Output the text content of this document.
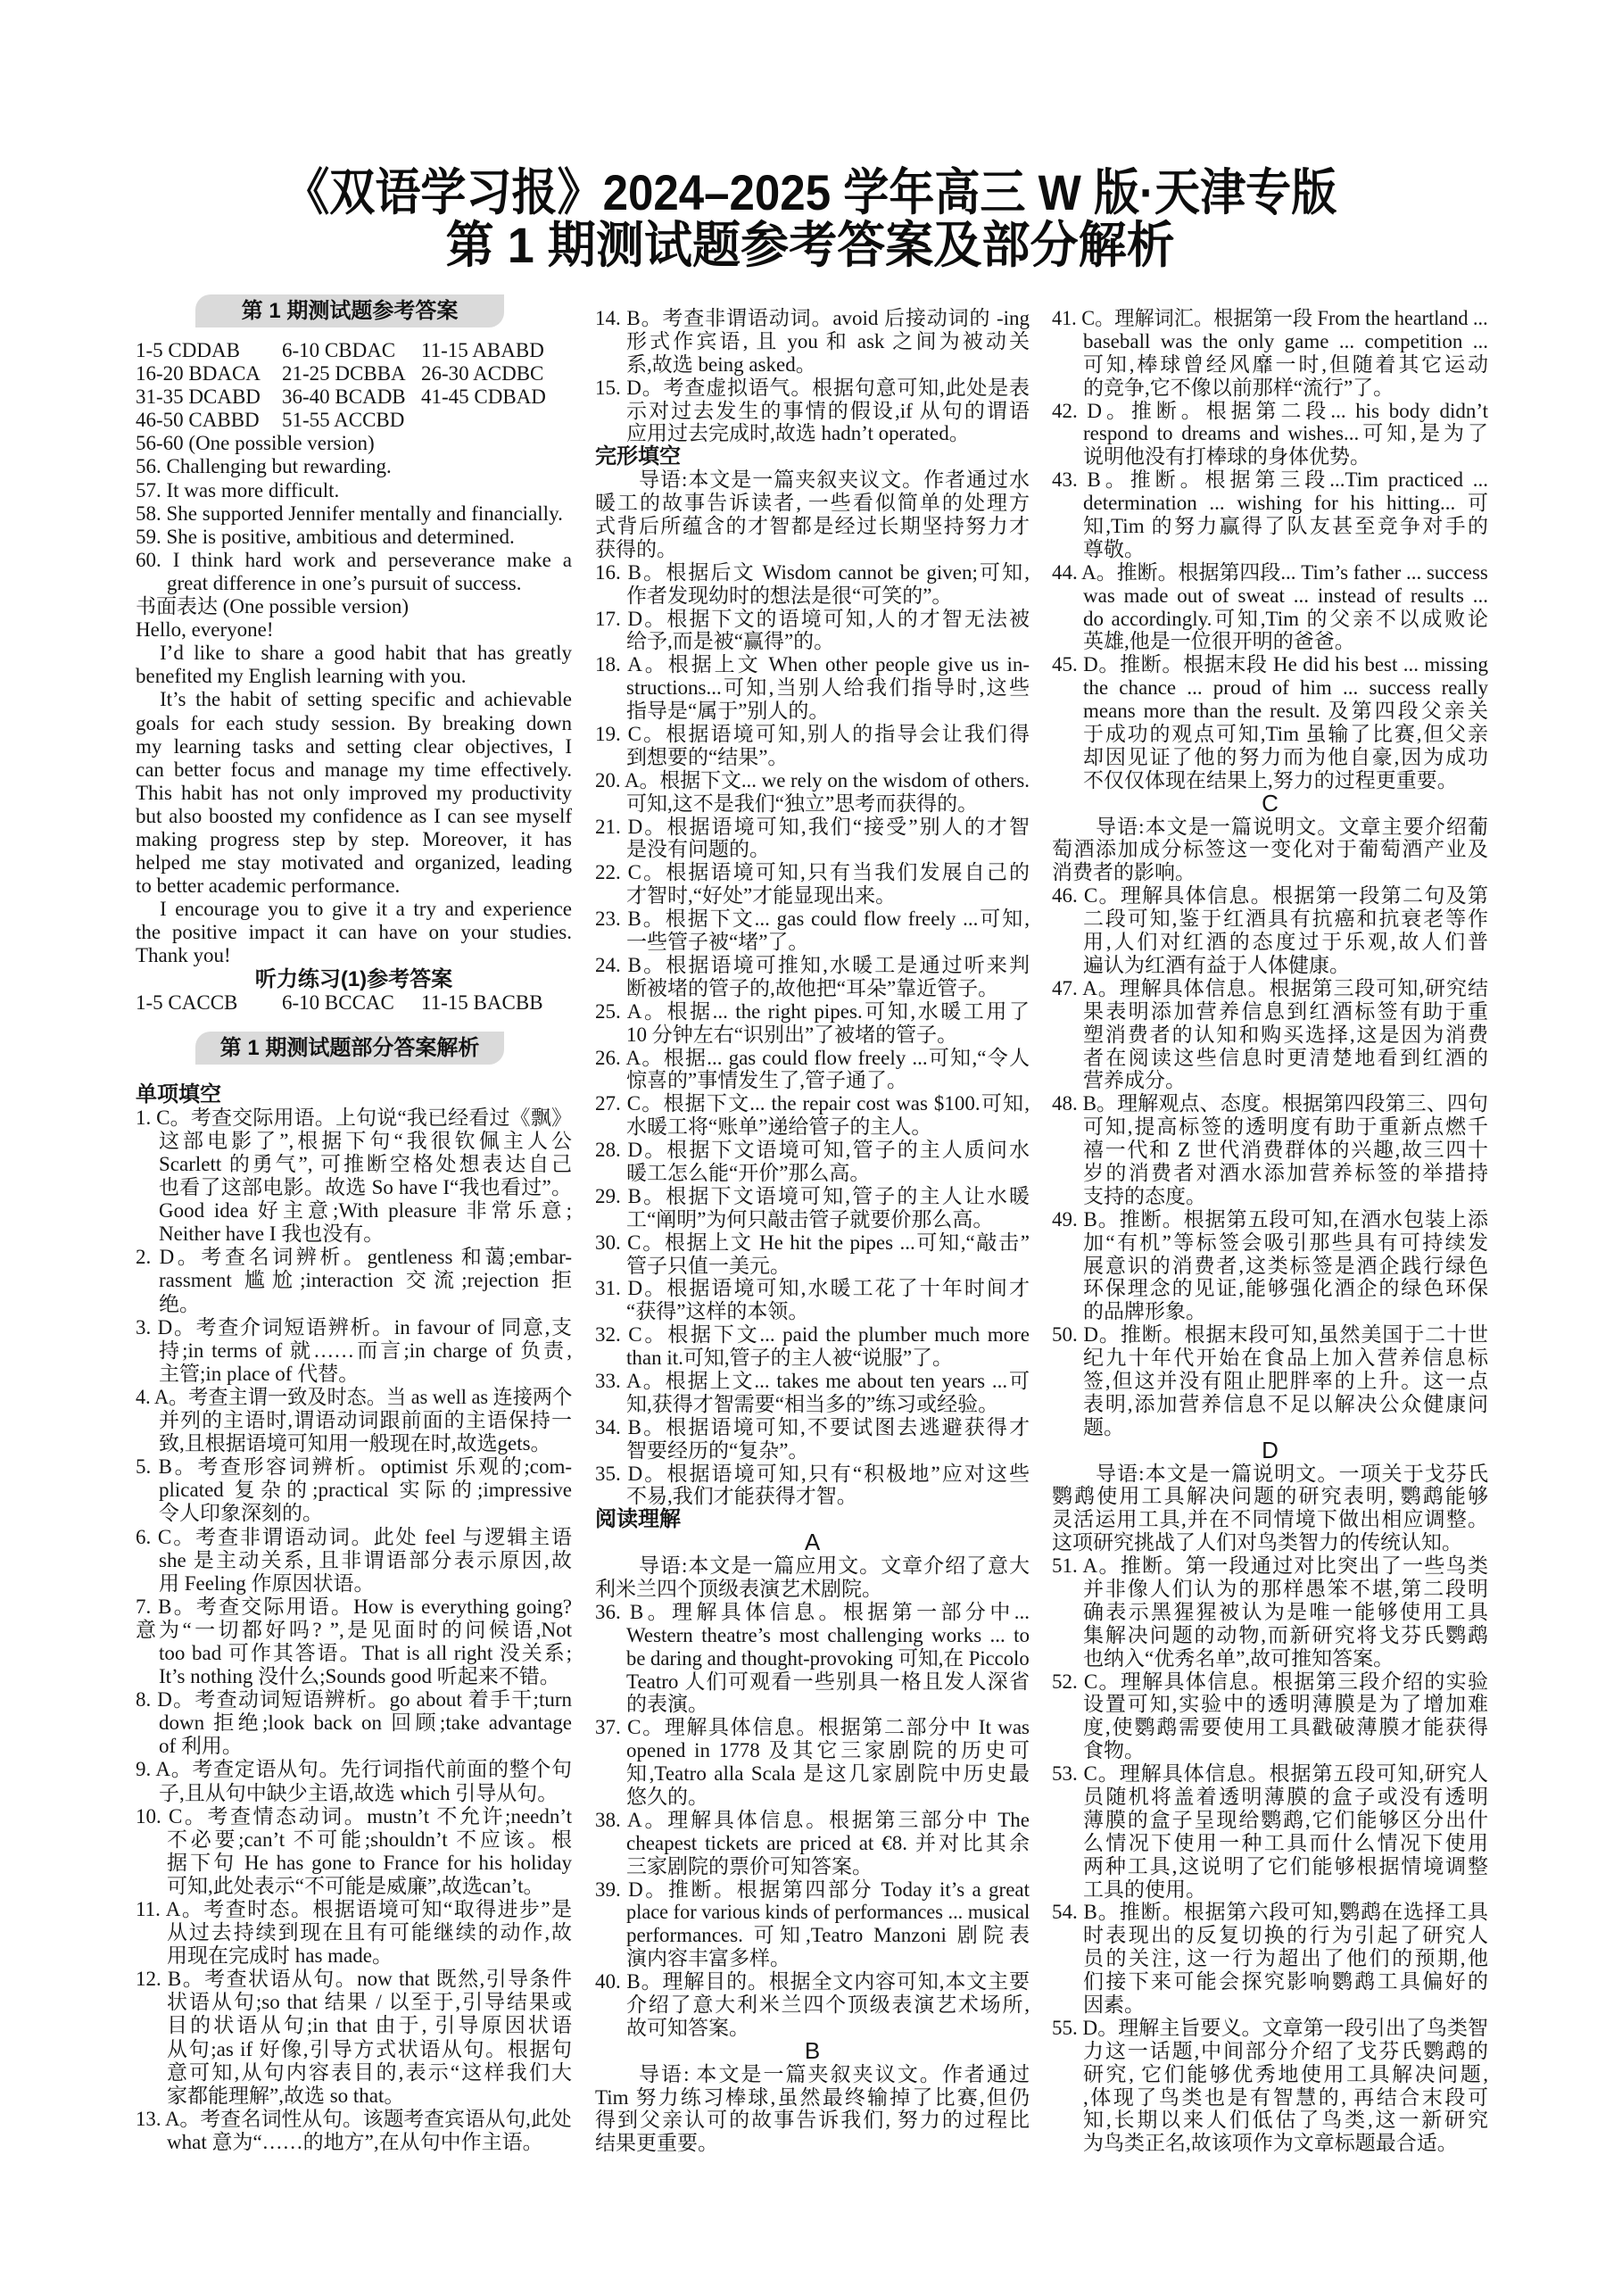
《双语学习报》2024–2025 学年高三 W 版·天津专版
第 1 期测试题参考答案及部分解析
第 1 期测试题参考答案
1-5 CDDAB 6-10 CBDAC 11-15 ABABD
16-20 BDACA 21-25 DCBBA 26-30 ACDBC
31-35 DCABD 36-40 BCADB 41-45 CDBAD
46-50 CABBD 51-55 ACCBD
56-60 (One possible version)
56. Challenging but rewarding.
57. It was more difficult.
58. She supported Jennifer mentally and financially.
59. She is positive, ambitious and determined.
60. I think hard work and perseverance make a
great difference in one’s pursuit of success.
书面表达 (One possible version)
Hello, everyone!
I’d like to share a good habit that has greatly
benefited my English learning with you.
It’s the habit of setting specific and achievable
goals for each study session. By breaking down
my learning tasks and setting clear objectives, I
can better focus and manage my time effectively.
This habit has not only improved my productivity
but also boosted my confidence as I can see myself
making progress step by step. Moreover, it has
helped me stay motivated and organized, leading
to better academic performance.
I encourage you to give it a try and experience
the positive impact it can have on your studies.
Thank you!
听力练习(1)参考答案
1-5 CACCB 6-10 BCCAC 11-15 BACBB
第 1 期测试题部分答案解析
单项填空
1. C。考查交际用语。上句说“我已经看过《飘》
这部电影了”,根据下句“我很钦佩主人公
Scarlett 的勇气”, 可推断空格处想表达自己
也看了这部电影。故选 So have I“我也看过”。
Good idea 好主意;With pleasure 非常乐意;
Neither have I 我也没有。
2. D。考查名词辨析。gentleness 和蔼;embar-
rassment 尴尬;interaction 交流;rejection 拒
绝。
3. D。考查介词短语辨析。in favour of 同意,支
持;in terms of 就……而言;in charge of 负责,
主管;in place of 代替。
4. A。考查主谓一致及时态。当 as well as 连接两个
并列的主语时,谓语动词跟前面的主语保持一
致,且根据语境可知用一般现在时,故选gets。
5. B。考查形容词辨析。optimist 乐观的;com-
plicated 复杂的;practical 实际的;impressive
令人印象深刻的。
6. C。考查非谓语动词。此处 feel 与逻辑主语
she 是主动关系, 且非谓语部分表示原因,故
用 Feeling 作原因状语。
7. B。考查交际用语。How is everything going? 意 为“一切都好吗? ”,是见面时的问候语,Not
too bad 可作其答语。That is all right 没关系;
It’s nothing 没什么;Sounds good 听起来不错。
8. D。考查动词短语辨析。go about 着手干;turn
down 拒绝;look back on 回顾;take advantage
of 利用。
9. A。考查定语从句。先行词指代前面的整个句
子,且从句中缺少主语,故选 which 引导从句。
10. C。考查情态动词。mustn’t 不允许;needn’t
不必要;can’t 不可能;shouldn’t 不应该。根
据下句 He has gone to France for his holiday
可知,此处表示“不可能是威廉”,故选can’t。
11. A。考查时态。根据语境可知“取得进步”是
从过去持续到现在且有可能继续的动作,故
用现在完成时 has made。
12. B。考查状语从句。now that 既然,引导条件
状语从句;so that 结果 / 以至于,引导结果或
目的状语从句;in that 由于, 引导原因状语
从句;as if 好像,引导方式状语从句。根据句
意可知,从句内容表目的,表示“这样我们大
家都能理解”,故选 so that。
13. A。考查名词性从句。该题考查宾语从句,此处
what 意为“……的地方”,在从句中作主语。
14. B。考查非谓语动词。avoid 后接动词的 -ing
形式作宾语, 且 you 和 ask 之间为被动关
系,故选 being asked。
15. D。考查虚拟语气。根据句意可知,此处是表
示对过去发生的事情的假设,if 从句的谓语
应用过去完成时,故选 hadn’t operated。
完形填空
导语:本文是一篇夹叙夹议文。作者通过水
暖工的故事告诉读者, 一些看似简单的处理方
式背后所蕴含的才智都是经过长期坚持努力才
获得的。
16. B。根据后文 Wisdom cannot be given;可知,
作者发现幼时的想法是很“可笑的”。
17. D。根据下文的语境可知,人的才智无法被
给予,而是被“赢得”的。
18. A。根据上文 When other people give us in-
structions...可知,当别人给我们指导时,这些
指导是“属于”别人的。
19. C。根据语境可知,别人的指导会让我们得
到想要的“结果”。
20. A。根据下文... we rely on the wisdom of others.
可知,这不是我们“独立”思考而获得的。
21. D。根据语境可知,我们“接受”别人的才智
是没有问题的。
22. C。根据语境可知,只有当我们发展自己的
才智时,“好处”才能显现出来。
23. B。根据下文... gas could flow freely ...可知,
一些管子被“堵”了。
24. B。根据语境可推知,水暖工是通过听来判
断被堵的管子的,故他把“耳朵”靠近管子。
25. A。根据... the right pipes.可知,水暖工用了
10 分钟左右“识别出”了被堵的管子。
26. A。根据... gas could flow freely ...可知,“令人
惊喜的”事情发生了,管子通了。
27. C。根据下文... the repair cost was $100.可知,
水暖工将“账单”递给管子的主人。
28. D。根据下文语境可知,管子的主人质问水
暖工怎么能“开价”那么高。
29. B。根据下文语境可知,管子的主人让水暖
工“阐明”为何只敲击管子就要价那么高。
30. C。根据上文 He hit the pipes ...可知,“敲击”
管子只值一美元。
31. D。根据语境可知,水暖工花了十年时间才
“获得”这样的本领。
32. C。根据下文... paid the plumber much more
than it.可知,管子的主人被“说服”了。
33. A。根据上文... takes me about ten years ...可
知,获得才智需要“相当多的”练习或经验。
34. B。根据语境可知,不要试图去逃避获得才
智要经历的“复杂”。
35. D。根据语境可知,只有“积极地”应对这些
不易,我们才能获得才智。
阅读理解
A
导语:本文是一篇应用文。文章介绍了意大
利米兰四个顶级表演艺术剧院。
36. B。理解具体信息。根据第一部分中...
Western theatre’s most challenging works ... to
be daring and thought-provoking 可知,在 Piccolo
Teatro 人们可观看一些别具一格且发人深省
的表演。
37. C。理解具体信息。根据第二部分中 It was
opened in 1778 及其它三家剧院的历史可
知,Teatro alla Scala 是这几家剧院中历史最
悠久的。
38. A。理解具体信息。根据第三部分中 The
cheapest tickets are priced at €8. 并对比其余
三家剧院的票价可知答案。
39. D。推断。根据第四部分 Today it’s a great
place for various kinds of performances ... musical
performances. 可知,Teatro Manzoni 剧院表
演内容丰富多样。
40. B。理解目的。根据全文内容可知,本文主要
介绍了意大利米兰四个顶级表演艺术场所,
故可知答案。
B
导语: 本文是一篇夹叙夹议文。作者通过
Tim 努力练习棒球,虽然最终输掉了比赛,但仍
得到父亲认可的故事告诉我们, 努力的过程比
结果更重要。
41. C。理解词汇。根据第一段 From the heartland ...
baseball was the only game ... competition ...
可知,棒球曾经风靡一时,但随着其它运动
的竞争,它不像以前那样“流行”了。
42. D。推断。根据第二段... his body didn’t
respond to dreams and wishes...可知,是为了
说明他没有打棒球的身体优势。
43. B。推断。根据第三段...Tim practiced ...
determination ... wishing for his hitting... 可
知,Tim 的努力赢得了队友甚至竞争对手的
尊敬。
44. A。推断。根据第四段... Tim’s father ... success
was made out of sweat ... instead of results ...
do accordingly.可知,Tim 的父亲不以成败论
英雄,他是一位很开明的爸爸。
45. D。推断。根据末段 He did his best ... missing
the chance ... proud of him ... success really
means more than the result. 及第四段父亲关
于成功的观点可知,Tim 虽输了比赛,但父亲
却因见证了他的努力而为他自豪,因为成功
不仅仅体现在结果上,努力的过程更重要。
C
导语:本文是一篇说明文。文章主要介绍葡
萄酒添加成分标签这一变化对于葡萄酒产业及
消费者的影响。
46. C。理解具体信息。根据第一段第二句及第
二段可知,鉴于红酒具有抗癌和抗衰老等作
用,人们对红酒的态度过于乐观,故人们普
遍认为红酒有益于人体健康。
47. A。理解具体信息。根据第三段可知,研究结
果表明添加营养信息到红酒标签有助于重
塑消费者的认知和购买选择,这是因为消费
者在阅读这些信息时更清楚地看到红酒的
营养成分。
48. B。理解观点、态度。根据第四段第三、四句
可知,提高标签的透明度有助于重新点燃千
禧一代和 Z 世代消费群体的兴趣,故三四十
岁的消费者对酒水添加营养标签的举措持
支持的态度。
49. B。推断。根据第五段可知,在酒水包装上添
加“有机”等标签会吸引那些具有可持续发
展意识的消费者,这类标签是酒企践行绿色
环保理念的见证,能够强化酒企的绿色环保
的品牌形象。
50. D。推断。根据末段可知,虽然美国于二十世
纪九十年代开始在食品上加入营养信息标
签,但这并没有阻止肥胖率的上升。这一点
表明,添加营养信息不足以解决公众健康问
题。
D
导语:本文是一篇说明文。一项关于戈芬氏
鹦鹉使用工具解决问题的研究表明, 鹦鹉能够
灵活运用工具,并在不同情境下做出相应调整。
这项研究挑战了人们对鸟类智力的传统认知。
51. A。推断。第一段通过对比突出了一些鸟类
并非像人们认为的那样愚笨不堪,第二段明
确表示黑猩猩被认为是唯一能够使用工具
集解决问题的动物,而新研究将戈芬氏鹦鹉
也纳入“优秀名单”,故可推知答案。
52. C。理解具体信息。根据第三段介绍的实验
设置可知,实验中的透明薄膜是为了增加难
度,使鹦鹉需要使用工具戳破薄膜才能获得
食物。
53. C。理解具体信息。根据第五段可知,研究人
员随机将盖着透明薄膜的盒子或没有透明
薄膜的盒子呈现给鹦鹉,它们能够区分出什
么情况下使用一种工具而什么情况下使用
两种工具,这说明了它们能够根据情境调整
工具的使用。
54. B。推断。根据第六段可知,鹦鹉在选择工具
时表现出的反复切换的行为引起了研究人
员的关注, 这一行为超出了他们的预期,他
们接下来可能会探究影响鹦鹉工具偏好的
因素。
55. D。理解主旨要义。文章第一段引出了鸟类智
力这一话题,中间部分介绍了戈芬氏鹦鹉的
研究, 它们能够优秀地使用工具解决问题,
,体现了鸟类也是有智慧的, 再结合末段可
知,长期以来人们低估了鸟类,这一新研究
为鸟类正名,故该项作为文章标题最合适。
